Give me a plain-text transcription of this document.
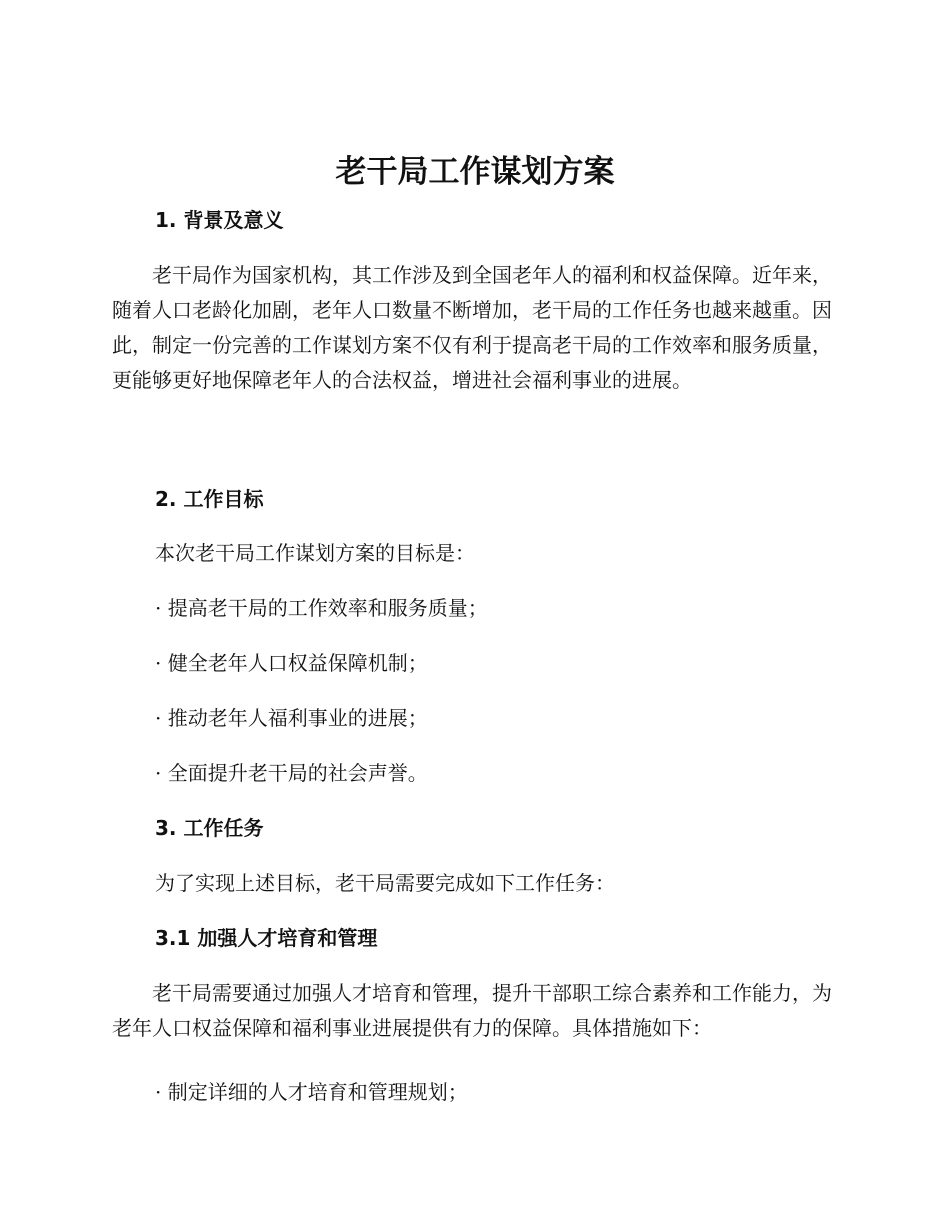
老干局工作谋划方案
1. 背景及意义

老干局作为国家机构，其工作涉及到全国老年人的福利和权益保障。近年来，随着人口老龄化加剧，老年人口数量不断增加，老干局的工作任务也越来越重。因此，制定一份完善的工作谋划方案不仅有利于提高老干局的工作效率和服务质量，更能够更好地保障老年人的合法权益，增进社会福利事业的进展。

2. 工作目标

本次老干局工作谋划方案的目标是：

· 提高老干局的工作效率和服务质量；

· 健全老年人口权益保障机制；

· 推动老年人福利事业的进展；

· 全面提升老干局的社会声誉。

3. 工作任务

为了实现上述目标，老干局需要完成如下工作任务：

3.1 加强人才培育和管理

老干局需要通过加强人才培育和管理，提升干部职工综合素养和工作能力，为老年人口权益保障和福利事业进展提供有力的保障。具体措施如下：

· 制定详细的人才培育和管理规划；
